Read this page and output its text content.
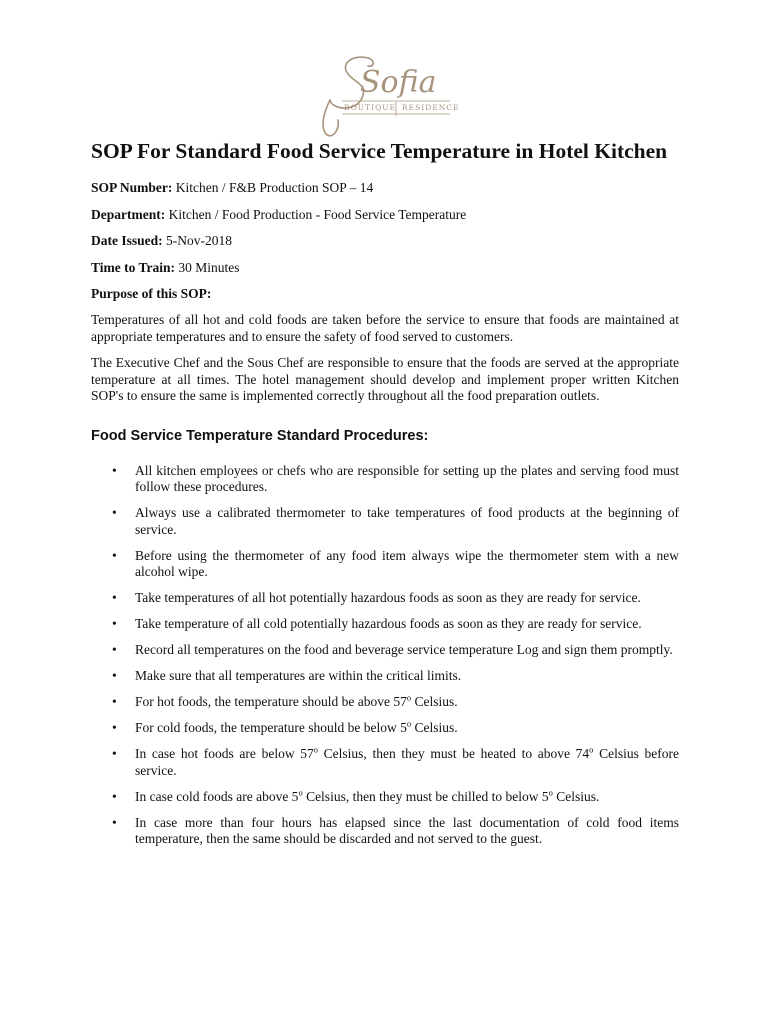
Sofia
BOUTIQUE RESIDENCE
SOP For Standard Food Service Temperature in Hotel Kitchen

SOP Number: Kitchen / F&B Production SOP – 14

Department: Kitchen / Food Production - Food Service Temperature

Date Issued: 5-Nov-2018

Time to Train: 30 Minutes

Purpose of this SOP:

Temperatures of all hot and cold foods are taken before the service to ensure that foods are maintained at appropriate temperatures and to ensure the safety of food served to customers.

The Executive Chef and the Sous Chef are responsible to ensure that the foods are served at the appropriate temperature at all times. The hotel management should develop and implement proper written Kitchen SOP's to ensure the same is implemented correctly throughout all the food preparation outlets.

Food Service Temperature Standard Procedures:
• All kitchen employees or chefs who are responsible for setting up the plates and serving food must follow these procedures.
• Always use a calibrated thermometer to take temperatures of food products at the beginning of service.
• Before using the thermometer of any food item always wipe the thermometer stem with a new alcohol wipe.
• Take temperatures of all hot potentially hazardous foods as soon as they are ready for service.
• Take temperature of all cold potentially hazardous foods as soon as they are ready for service.
• Record all temperatures on the food and beverage service temperature Log and sign them promptly.
• Make sure that all temperatures are within the critical limits.
• For hot foods, the temperature should be above 57$^o$ Celsius.
• For cold foods, the temperature should be below 5$^o$ Celsius.
• In case hot foods are below 57$^o$ Celsius, then they must be heated to above 74$^o$ Celsius before service.
• In case cold foods are above 5$^o$ Celsius, then they must be chilled to below 5$^o$ Celsius.
• In case more than four hours has elapsed since the last documentation of cold food items temperature, then the same should be discarded and not served to the guest.
